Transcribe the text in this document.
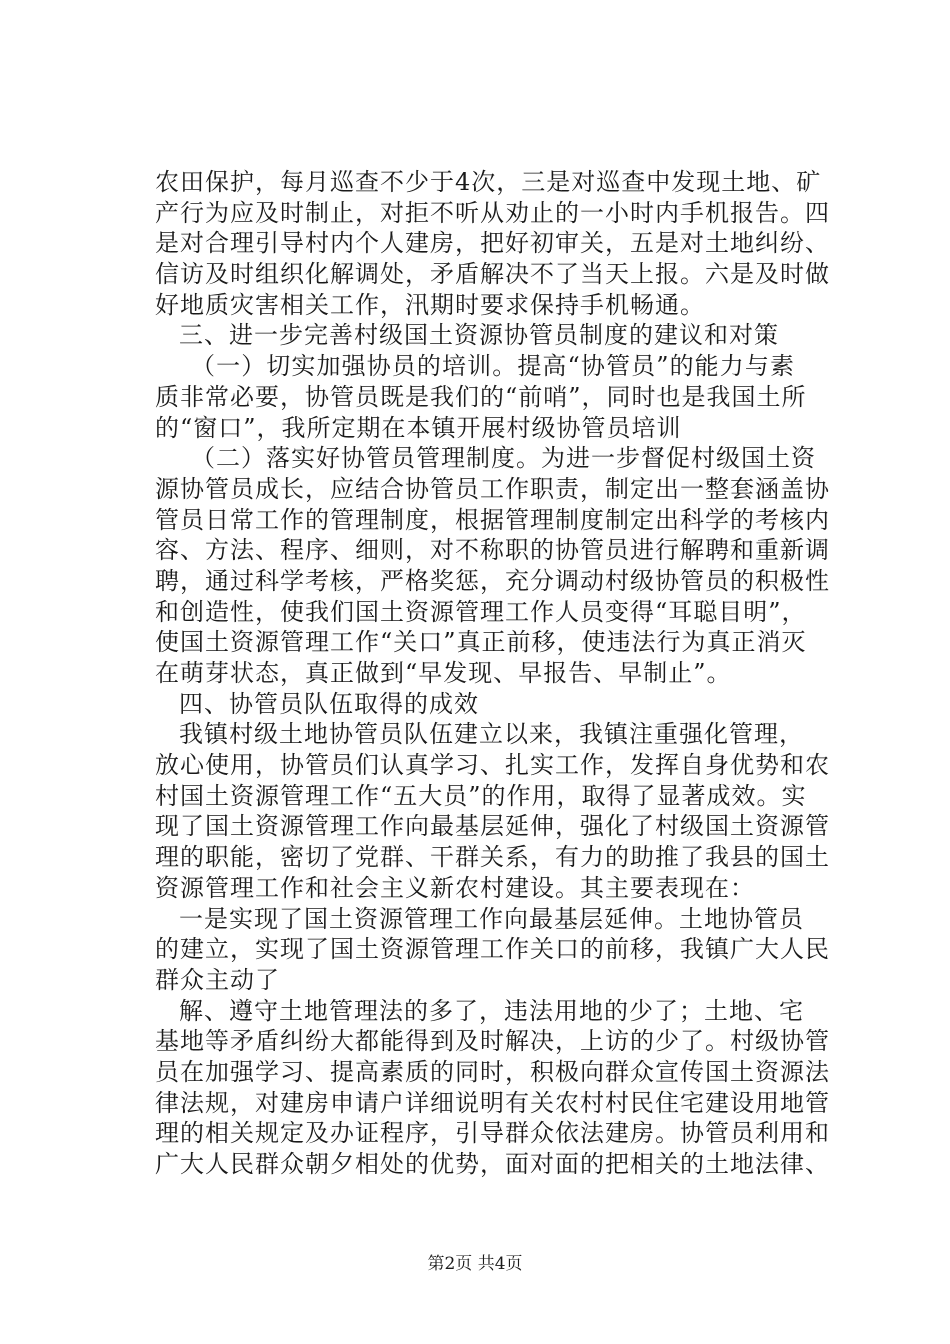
农田保护，每月巡查不少于4次，三是对巡查中发现土地、矿
产行为应及时制止，对拒不听从劝止的一小时内手机报告。四
是对合理引导村内个人建房，把好初审关，五是对土地纠纷、
信访及时组织化解调处，矛盾解决不了当天上报。六是及时做
好地质灾害相关工作，汛期时要求保持手机畅通。
三、进一步完善村级国土资源协管员制度的建议和对策
（一）切实加强协员的培训。提高“协管员”的能力与素
质非常必要，协管员既是我们的“前哨”，同时也是我国土所
的“窗口”，我所定期在本镇开展村级协管员培训
（二）落实好协管员管理制度。为进一步督促村级国土资
源协管员成长，应结合协管员工作职责，制定出一整套涵盖协
管员日常工作的管理制度，根据管理制度制定出科学的考核内
容、方法、程序、细则，对不称职的协管员进行解聘和重新调
聘，通过科学考核，严格奖惩，充分调动村级协管员的积极性
和创造性，使我们国土资源管理工作人员变得“耳聪目明”，
使国土资源管理工作“关口”真正前移，使违法行为真正消灭
在萌芽状态，真正做到“早发现、早报告、早制止”。
四、协管员队伍取得的成效
我镇村级土地协管员队伍建立以来，我镇注重强化管理，
放心使用，协管员们认真学习、扎实工作，发挥自身优势和农
村国土资源管理工作“五大员”的作用，取得了显著成效。实
现了国土资源管理工作向最基层延伸，强化了村级国土资源管
理的职能，密切了党群、干群关系，有力的助推了我县的国土
资源管理工作和社会主义新农村建设。其主要表现在：
一是实现了国土资源管理工作向最基层延伸。土地协管员
的建立，实现了国土资源管理工作关口的前移，我镇广大人民
群众主动了
解、遵守土地管理法的多了，违法用地的少了；土地、宅
基地等矛盾纠纷大都能得到及时解决，上访的少了。村级协管
员在加强学习、提高素质的同时，积极向群众宣传国土资源法
律法规，对建房申请户详细说明有关农村村民住宅建设用地管
理的相关规定及办证程序，引导群众依法建房。协管员利用和
广大人民群众朝夕相处的优势，面对面的把相关的土地法律、
第2页 共4页
